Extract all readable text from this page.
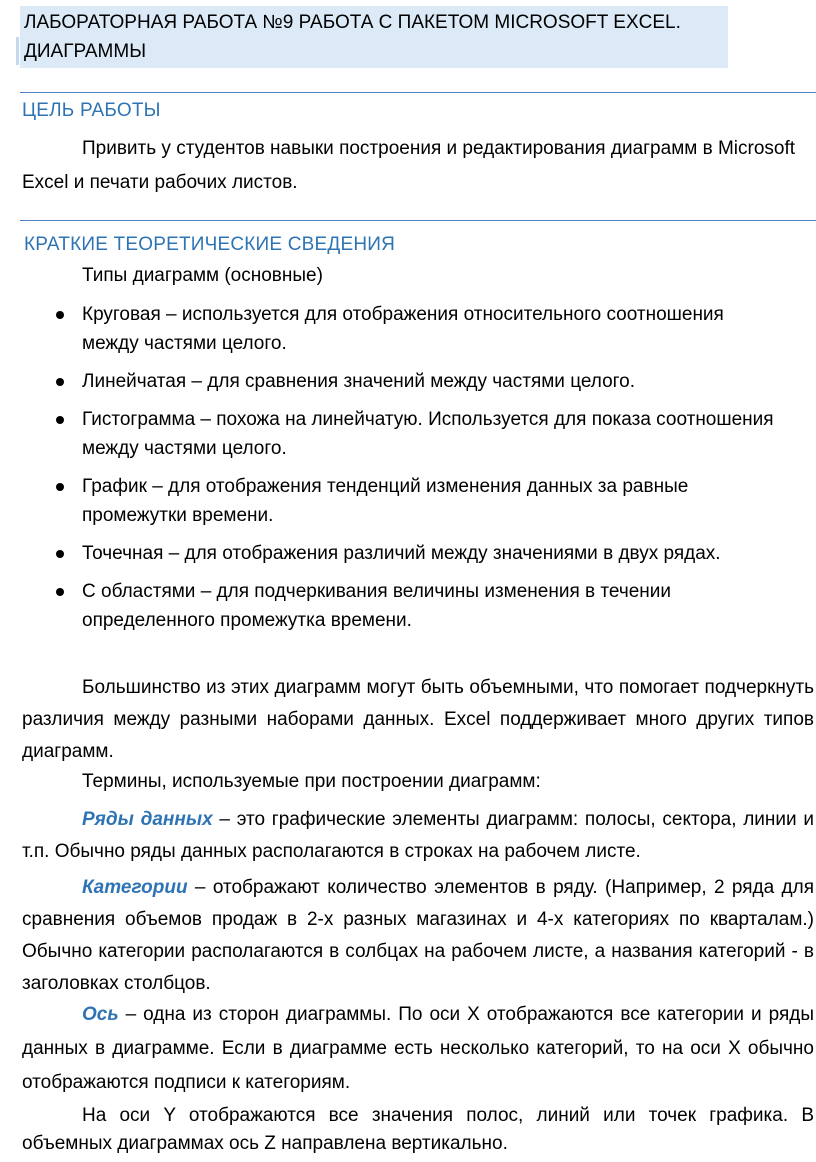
ЛАБОРАТОРНАЯ РАБОТА №9 РАБОТА С ПАКЕТОМ MICROSOFT EXCEL.
ДИАГРАММЫ
ЦЕЛЬ РАБОТЫ
Привить у студентов навыки построения и редактирования диаграмм в Microsoft Excel и печати рабочих листов.
КРАТКИЕ ТЕОРЕТИЧЕСКИЕ СВЕДЕНИЯ
Типы диаграмм (основные)
Круговая – используется для отображения относительного соотношения между частями целого.
Линейчатая – для сравнения значений между частями целого.
Гистограмма – похожа на линейчатую. Используется для показа соотношения между частями целого.
График – для отображения тенденций изменения данных за равные промежутки времени.
Точечная – для отображения различий между значениями в двух рядах.
С областями – для подчеркивания величины изменения в течении определенного промежутка времени.
Большинство из этих диаграмм могут быть объемными, что помогает подчеркнуть различия между разными наборами данных. Excel поддерживает много других типов диаграмм.
Термины, используемые при построении диаграмм:
Ряды данных – это графические элементы диаграмм: полосы, сектора, линии и т.п. Обычно ряды данных располагаются в строках на рабочем листе.
Категории – отображают количество элементов в ряду. (Например, 2 ряда для сравнения объемов продаж в 2-х разных магазинах и 4-х категориях по кварталам.) Обычно категории располагаются в солбцах на рабочем листе, а названия категорий - в заголовках столбцов.
Ось – одна из сторон диаграммы. По оси X отображаются все категории и ряды данных в диаграмме. Если в диаграмме есть несколько категорий, то на оси X обычно отображаются подписи к категориям.
На оси Y отображаются все значения полос, линий или точек графика. В объемных диаграммах ось Z направлена вертикально.
